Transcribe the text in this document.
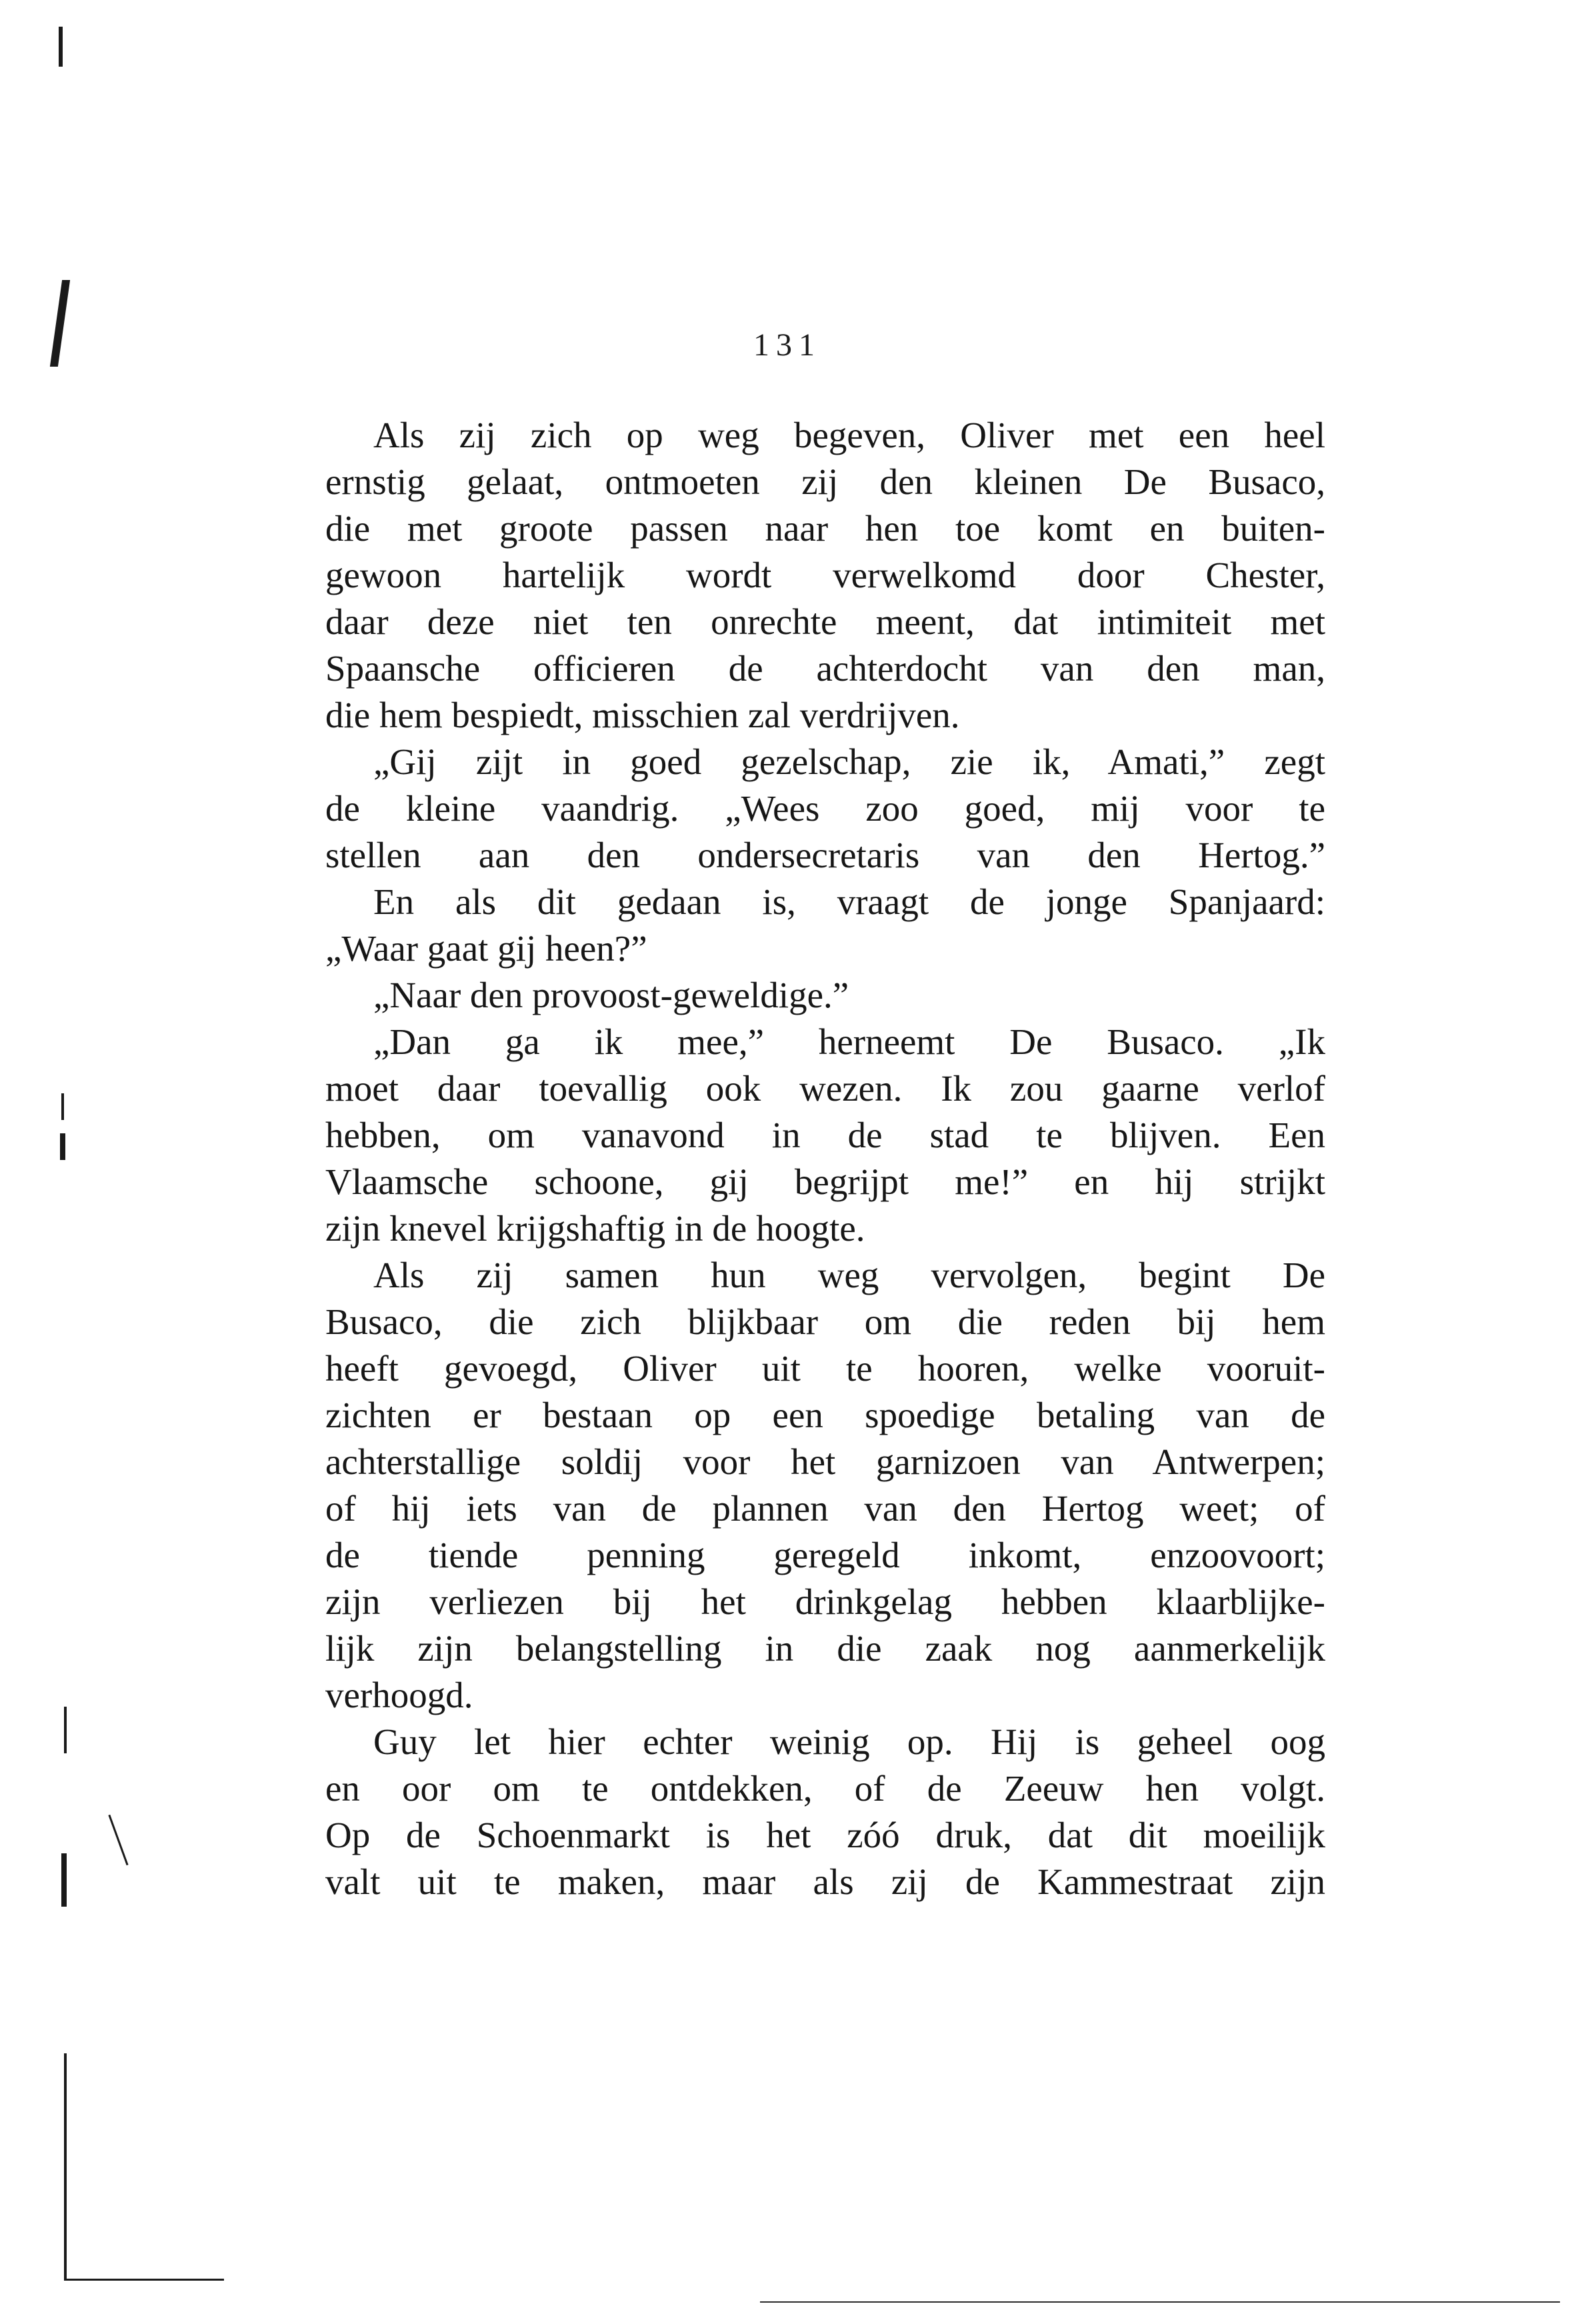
131
Als zij zich op weg begeven, Oliver met een heel
ernstig gelaat, ontmoeten zij den kleinen De Busaco,
die met groote passen naar hen toe komt en buiten-
gewoon hartelijk wordt verwelkomd door Chester,
daar deze niet ten onrechte meent, dat intimiteit met
Spaansche officieren de achterdocht van den man,
die hem bespiedt, misschien zal verdrijven.
„Gij zijt in goed gezelschap, zie ik, Amati,” zegt
de kleine vaandrig. „Wees zoo goed, mij voor te
stellen aan den ondersecretaris van den Hertog.”
En als dit gedaan is, vraagt de jonge Spanjaard:
„Waar gaat gij heen?”
„Naar den provoost-geweldige.”
„Dan ga ik mee,” herneemt De Busaco. „Ik
moet daar toevallig ook wezen. Ik zou gaarne verlof
hebben, om vanavond in de stad te blijven. Een
Vlaamsche schoone, gij begrijpt me!” en hij strijkt
zijn knevel krijgshaftig in de hoogte.
Als zij samen hun weg vervolgen, begint De
Busaco, die zich blijkbaar om die reden bij hem
heeft gevoegd, Oliver uit te hooren, welke vooruit-
zichten er bestaan op een spoedige betaling van de
achterstallige soldij voor het garnizoen van Antwerpen;
of hij iets van de plannen van den Hertog weet; of
de tiende penning geregeld inkomt, enzoovoort;
zijn verliezen bij het drinkgelag hebben klaarblijke-
lijk zijn belangstelling in die zaak nog aanmerkelijk
verhoogd.
Guy let hier echter weinig op. Hij is geheel oog
en oor om te ontdekken, of de Zeeuw hen volgt.
Op de Schoenmarkt is het zóó druk, dat dit moeilijk
valt uit te maken, maar als zij de Kammestraat zijn
